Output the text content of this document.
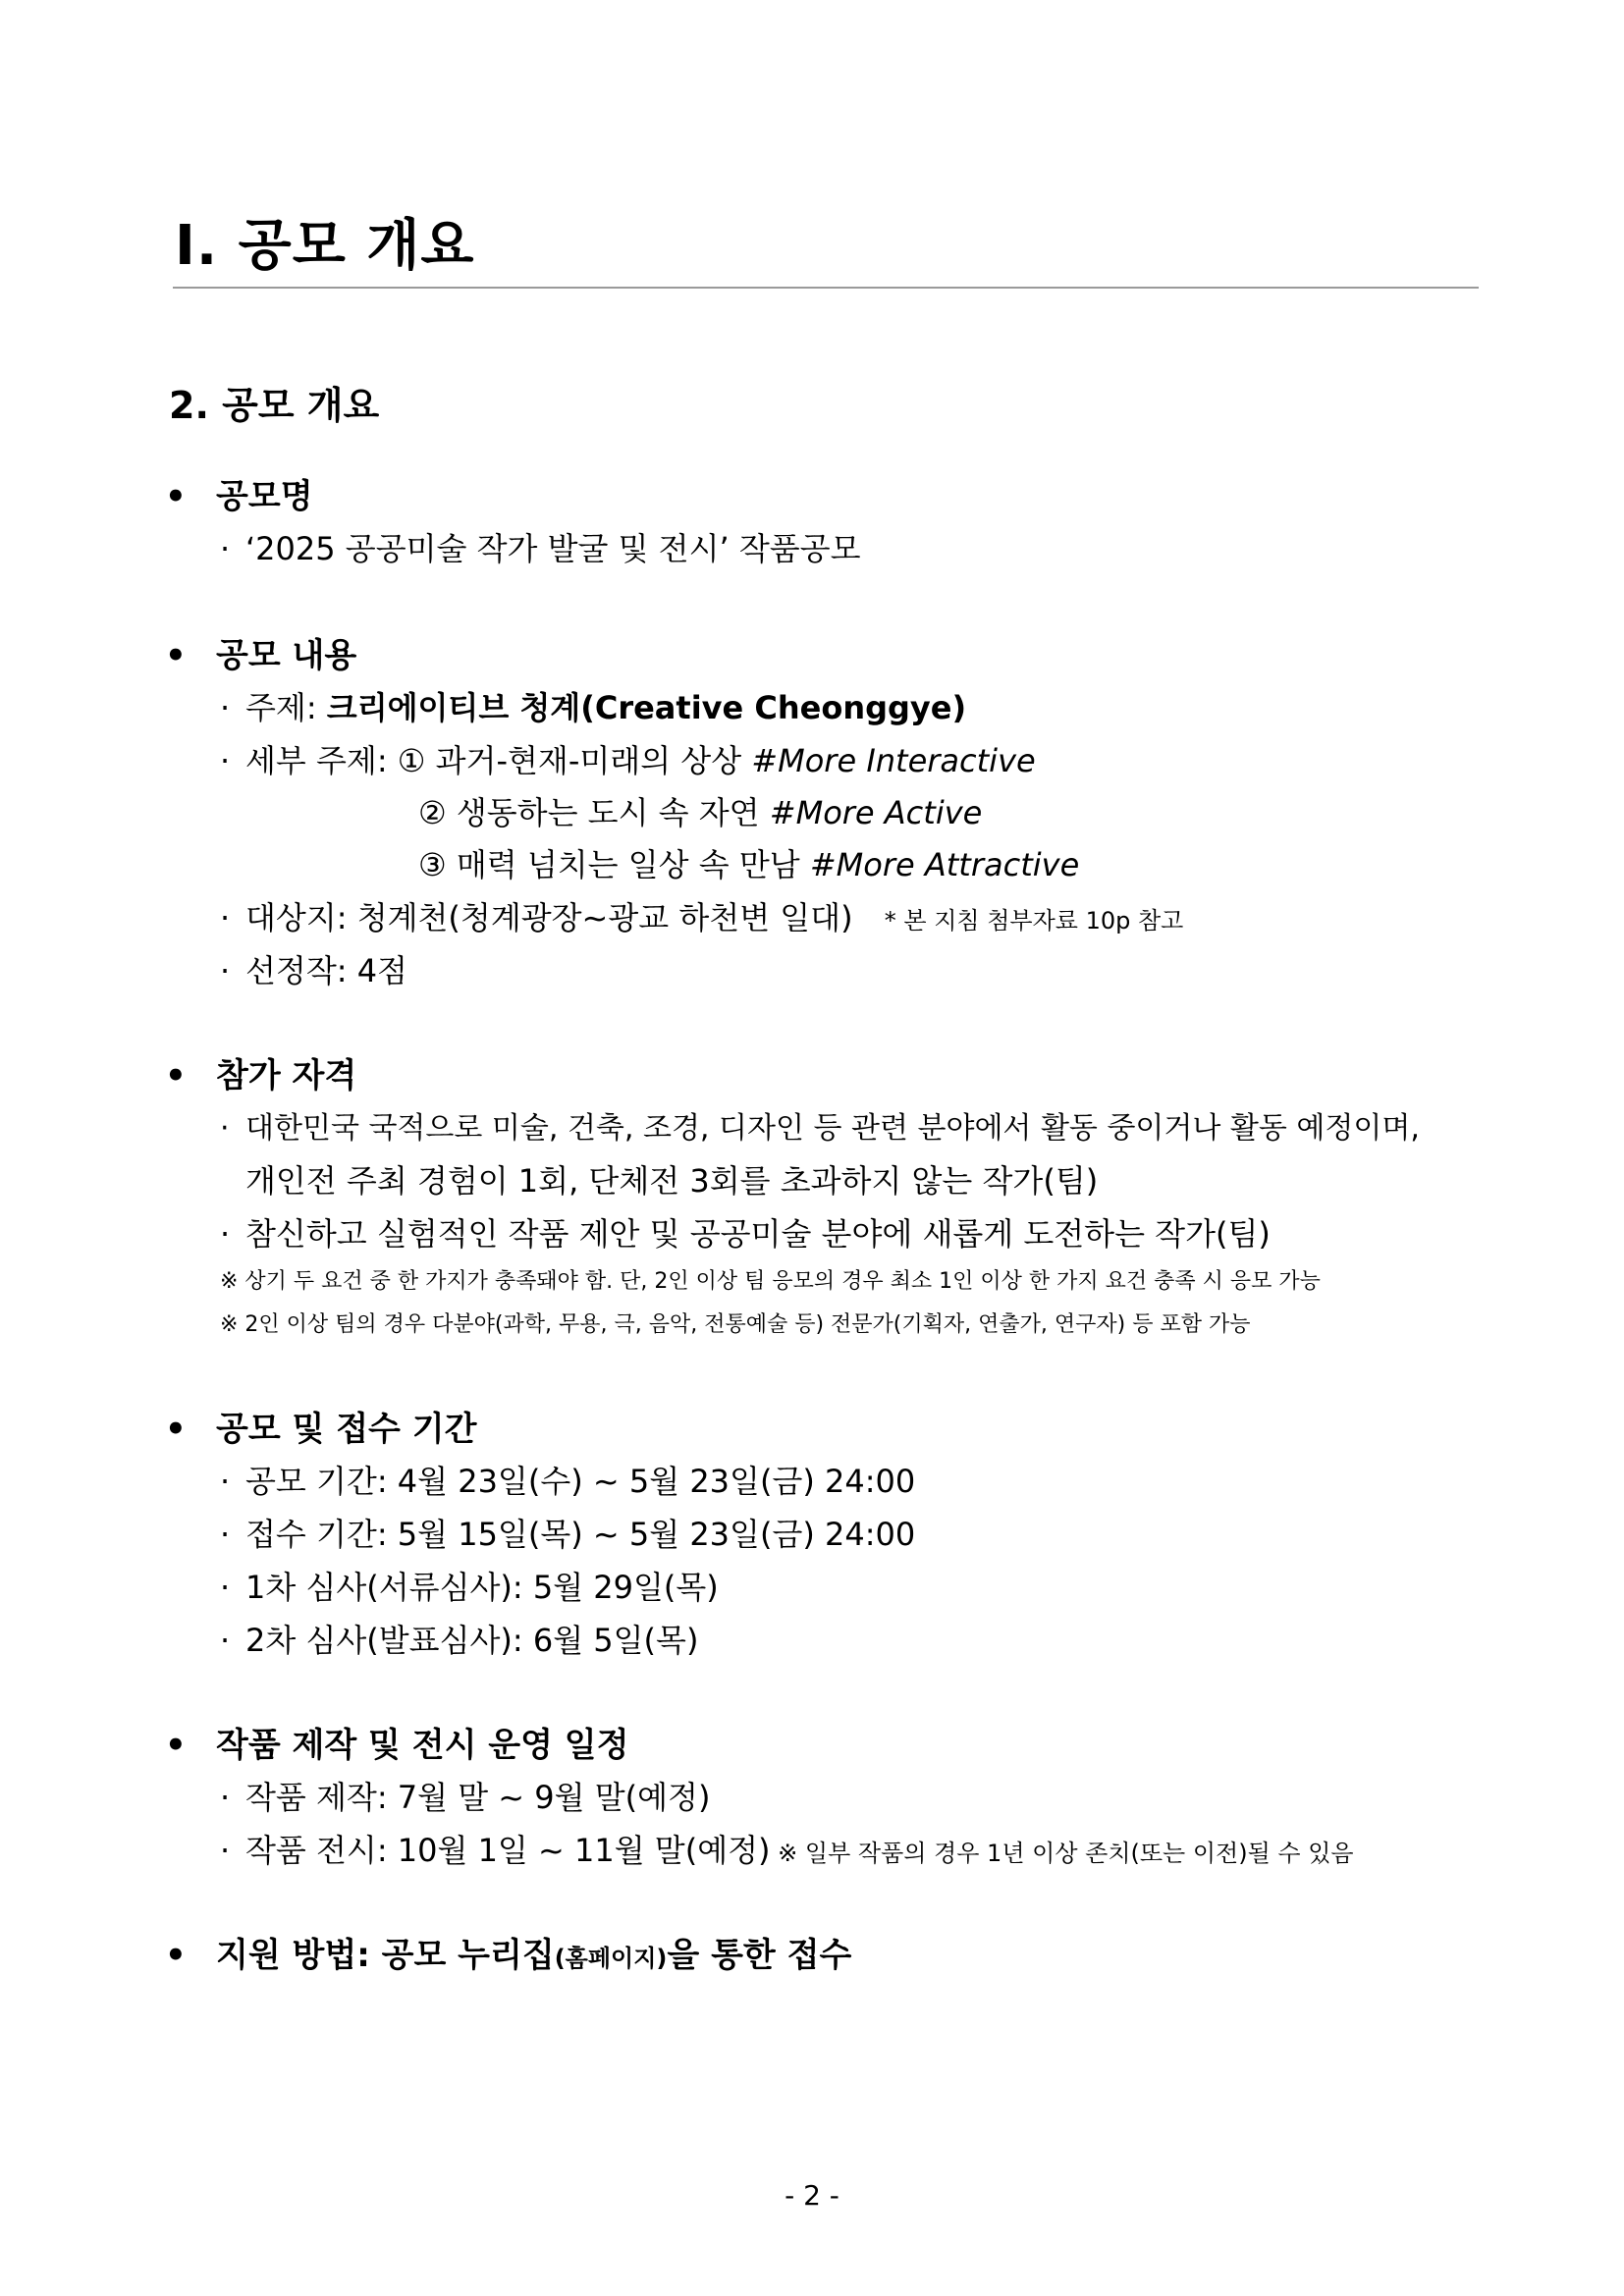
I. 공모 개요
2. 공모 개요
• 공모명
· ‘2025 공공미술 작가 발굴 및 전시’ 작품공모
• 공모 내용
· 주제: 크리에이티브 청계(Creative Cheonggye)
· 세부 주제: ① 과거-현재-미래의 상상 #More Interactive
② 생동하는 도시 속 자연 #More Active
③ 매력 넘치는 일상 속 만남 #More Attractive
· 대상지: 청계천(청계광장~광교 하천변 일대) * 본 지침 첨부자료 10p 참고
· 선정작: 4점
• 참가 자격
· 대한민국 국적으로 미술, 건축, 조경, 디자인 등 관련 분야에서 활동 중이거나 활동 예정이며,
개인전 주최 경험이 1회, 단체전 3회를 초과하지 않는 작가(팀)
· 참신하고 실험적인 작품 제안 및 공공미술 분야에 새롭게 도전하는 작가(팀)
※ 상기 두 요건 중 한 가지가 충족돼야 함. 단, 2인 이상 팀 응모의 경우 최소 1인 이상 한 가지 요건 충족 시 응모 가능
※ 2인 이상 팀의 경우 다분야(과학, 무용, 극, 음악, 전통예술 등) 전문가(기획자, 연출가, 연구자) 등 포함 가능
• 공모 및 접수 기간
· 공모 기간: 4월 23일(수) ~ 5월 23일(금) 24:00
· 접수 기간: 5월 15일(목) ~ 5월 23일(금) 24:00
· 1차 심사(서류심사): 5월 29일(목)
· 2차 심사(발표심사): 6월 5일(목)
• 작품 제작 및 전시 운영 일정
· 작품 제작: 7월 말 ~ 9월 말(예정)
· 작품 전시: 10월 1일 ~ 11월 말(예정) ※ 일부 작품의 경우 1년 이상 존치(또는 이전)될 수 있음
• 지원 방법: 공모 누리집(홈페이지)을 통한 접수
- 2 -
